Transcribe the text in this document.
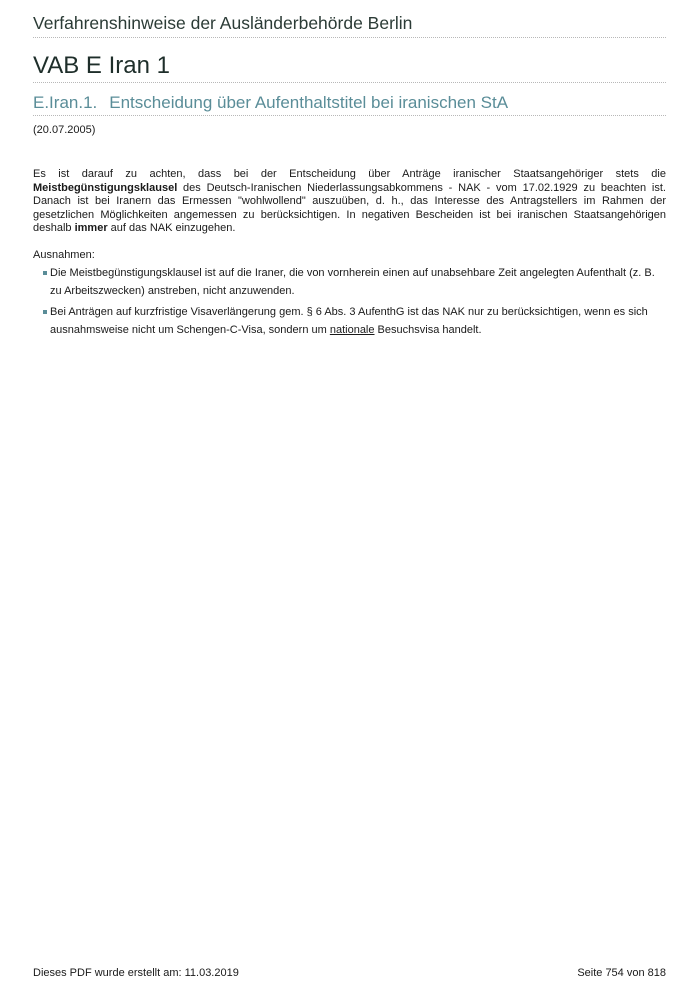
Verfahrenshinweise der Ausländerbehörde Berlin
VAB E Iran 1
E.Iran.1. Entscheidung über Aufenthaltstitel bei iranischen StA
(20.07.2005)

Es ist darauf zu achten, dass bei der Entscheidung über Anträge iranischer Staatsangehöriger stets die Meistbegünstigungsklausel des Deutsch-Iranischen Niederlassungsabkommens - NAK - vom 17.02.1929 zu beachten ist. Danach ist bei Iranern das Ermessen "wohlwollend" auszuüben, d. h., das Interesse des Antragstellers im Rahmen der gesetzlichen Möglichkeiten angemessen zu berücksichtigen. In negativen Bescheiden ist bei iranischen Staatsangehörigen deshalb immer auf das NAK einzugehen.

Ausnahmen:
Die Meistbegünstigungsklausel ist auf die Iraner, die von vornherein einen auf unabsehbare Zeit angelegten Aufenthalt (z. B. zu Arbeitszwecken) anstreben, nicht anzuwenden.
Bei Anträgen auf kurzfristige Visaverlängerung gem. § 6 Abs. 3 AufenthG ist das NAK nur zu berücksichtigen, wenn es sich ausnahmsweise nicht um Schengen-C-Visa, sondern um nationale Besuchsvisa handelt.
Dieses PDF wurde erstellt am: 11.03.2019	Seite 754 von 818
